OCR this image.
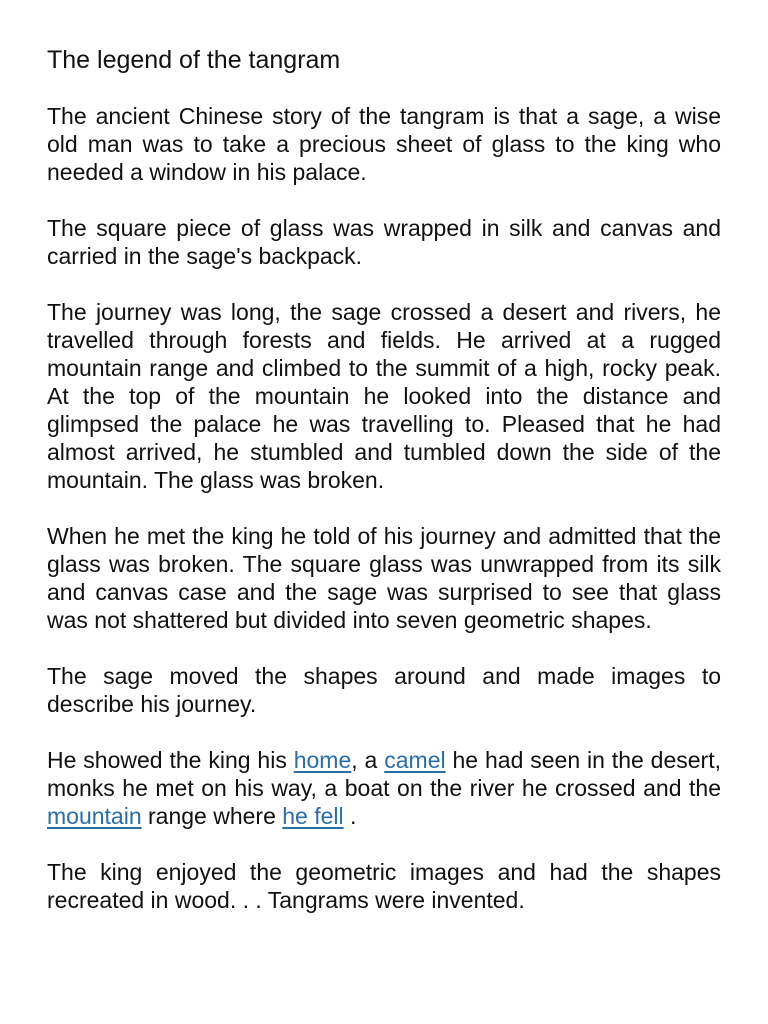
The legend of the tangram

The ancient Chinese story of the tangram is that a sage, a wise old man was to take a precious sheet of glass to the king who needed a window in his palace.

The square piece of glass was wrapped in silk and canvas and carried in the sage's backpack.

The journey was long, the sage crossed a desert and rivers, he travelled through forests and fields. He arrived at a rugged mountain range and climbed to the summit of a high, rocky peak. At the top of the mountain he looked into the distance and glimpsed the palace he was travelling to. Pleased that he had almost arrived, he stumbled and tumbled down the side of the mountain. The glass was broken.

When he met the king he told of his journey and admitted that the glass was broken. The square glass was unwrapped from its silk and canvas case and the sage was surprised to see that glass was not shattered but divided into seven geometric shapes.

The sage moved the shapes around and made images to describe his journey.

He showed the king his home, a camel he had seen in the desert, monks he met on his way, a boat on the river he crossed and the mountain range where he fell .

The king enjoyed the geometric images and had the shapes recreated in wood. . . Tangrams were invented.
